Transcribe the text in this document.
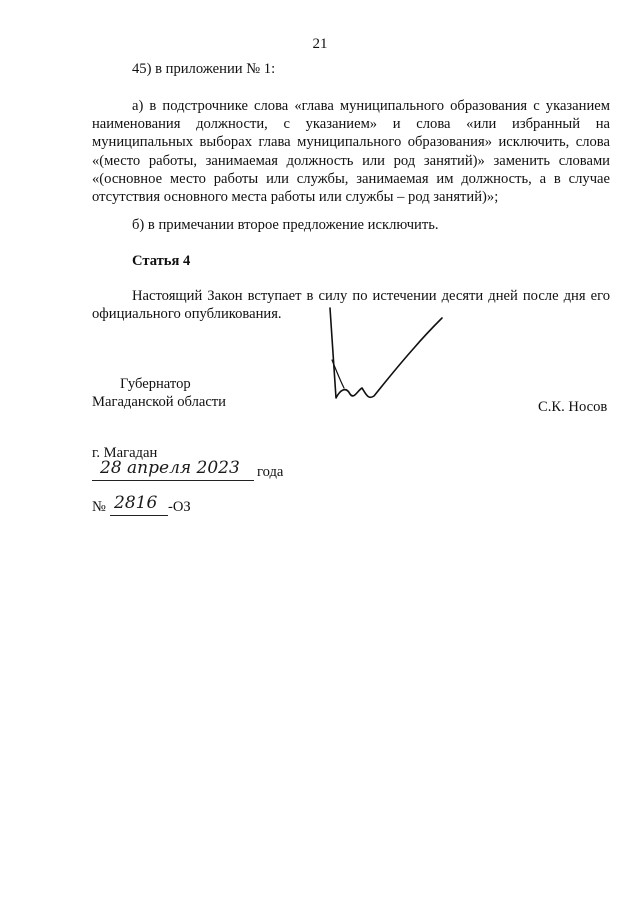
21
45) в приложении № 1:
а) в подстрочнике слова «глава муниципального образования с указанием наименования должности, с указанием» и слова «или избранный на муниципальных выборах глава муниципального образования» исключить, слова «(место работы, занимаемая должность или род занятий)» заменить словами «(основное место работы или службы, занимаемая им должность, а в случае отсутствия основного места работы или службы – род занятий)»;
б) в примечании второе предложение исключить.
Статья 4
Настоящий Закон вступает в силу по истечении десяти дней после дня его официального опубликования.
Губернатор
Магаданской области	С.К. Носов
г. Магадан
28 апреля 2023 года
№ 2816 -ОЗ
